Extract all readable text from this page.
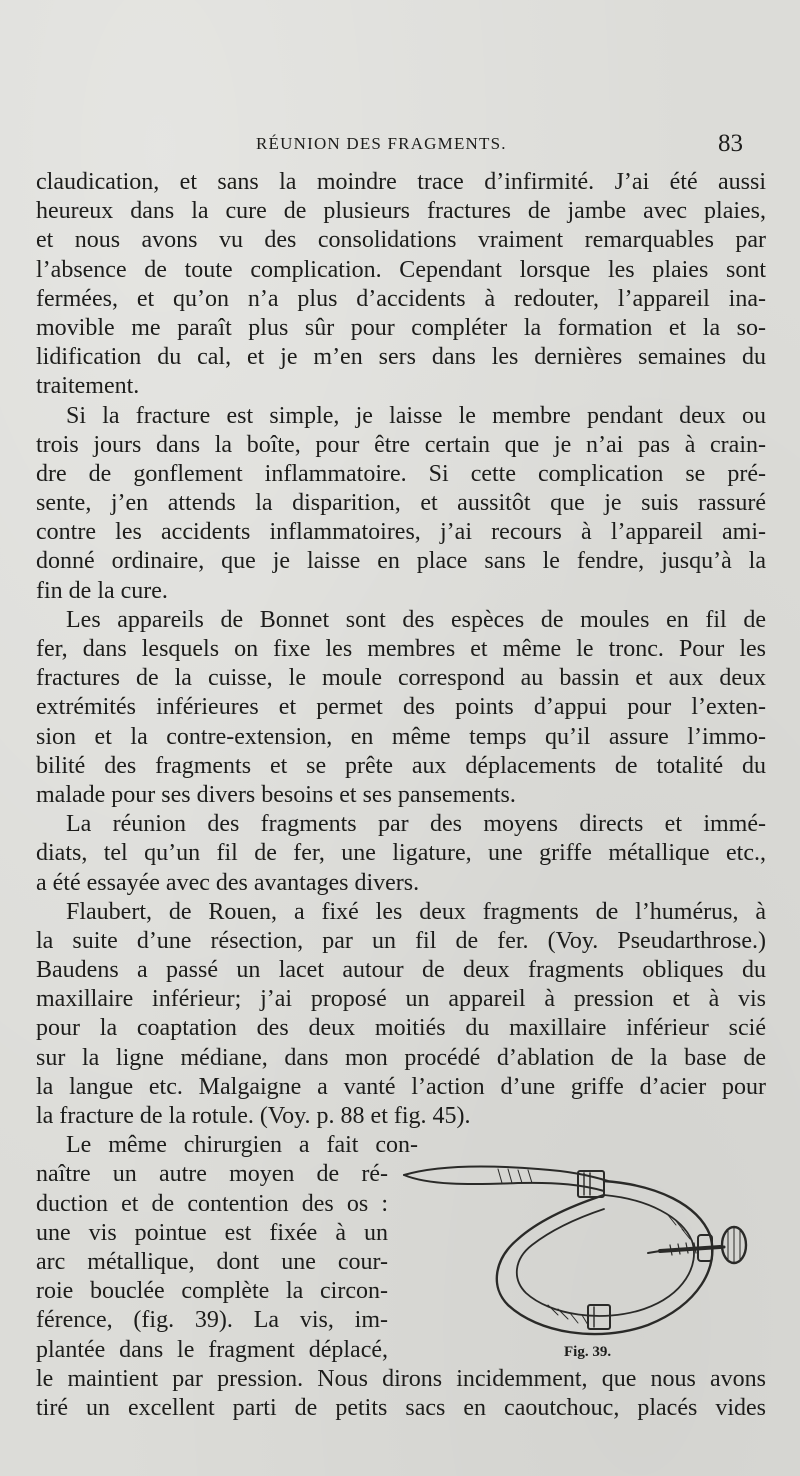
RÉUNION DES FRAGMENTS.	83
claudication, et sans la moindre trace d’infirmité. J’ai été aussi
heureux dans la cure de plusieurs fractures de jambe avec plaies,
et nous avons vu des consolidations vraiment remarquables par
l’absence de toute complication. Cependant lorsque les plaies sont
fermées, et qu’on n’a plus d’accidents à redouter, l’appareil ina-
movible me paraît plus sûr pour compléter la formation et la so-
lidification du cal, et je m’en sers dans les dernières semaines du
traitement.
Si la fracture est simple, je laisse le membre pendant deux ou
trois jours dans la boîte, pour être certain que je n’ai pas à crain-
dre de gonflement inflammatoire. Si cette complication se pré-
sente, j’en attends la disparition, et aussitôt que je suis rassuré
contre les accidents inflammatoires, j’ai recours à l’appareil ami-
donné ordinaire, que je laisse en place sans le fendre, jusqu’à la
fin de la cure.
Les appareils de Bonnet sont des espèces de moules en fil de
fer, dans lesquels on fixe les membres et même le tronc. Pour les
fractures de la cuisse, le moule correspond au bassin et aux deux
extrémités inférieures et permet des points d’appui pour l’exten-
sion et la contre-extension, en même temps qu’il assure l’immo-
bilité des fragments et se prête aux déplacements de totalité du
malade pour ses divers besoins et ses pansements.
La réunion des fragments par des moyens directs et immé-
diats, tel qu’un fil de fer, une ligature, une griffe métallique etc.,
a été essayée avec des avantages divers.
Flaubert, de Rouen, a fixé les deux fragments de l’humérus, à
la suite d’une résection, par un fil de fer. (Voy. Pseudarthrose.)
Baudens a passé un lacet autour de deux fragments obliques du
maxillaire inférieur; j’ai proposé un appareil à pression et à vis
pour la coaptation des deux moitiés du maxillaire inférieur scié
sur la ligne médiane, dans mon procédé d’ablation de la base de
la langue etc. Malgaigne a vanté l’action d’une griffe d’acier pour
la fracture de la rotule. (Voy. p. 88 et fig. 45).
Le même chirurgien a fait con-
naître un autre moyen de ré-
duction et de contention des os :
une vis pointue est fixée à un
arc métallique, dont une cour-
roie bouclée complète la circon-
férence, (fig. 39). La vis, im-
plantée dans le fragment déplacé,
le maintient par pression. Nous dirons incidemment, que nous avons
tiré un excellent parti de petits sacs en caoutchouc, placés vides
Fig. 39.
